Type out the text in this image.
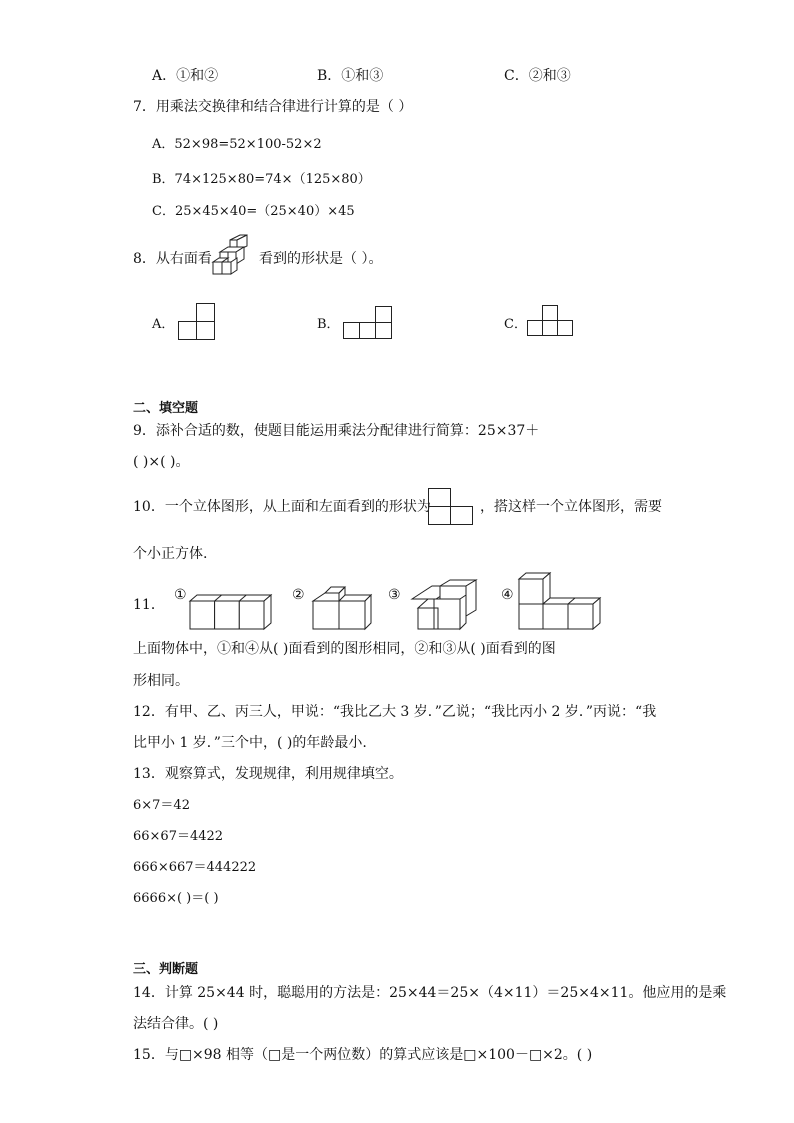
A．①和②	B．①和③	C．②和③
7．用乘法交换律和结合律进行计算的是（ ）
A．52×98=52×100-52×2
B．74×125×80=74×（125×80）
C．25×45×40=（25×40）×45
8．从右面看	看到的形状是（ ）。
A．	B．	C．
二、填空题
9．添补合适的数，使题目能运用乘法分配律进行简算：25×37＋
( )×( )。
10．一个立体图形，从上面和左面看到的形状为	，搭这样一个立体图形，需要
个小正方体.
11．
①	②	③	④
上面物体中，①和④从( )面看到的图形相同，②和③从( )面看到的图
形相同。
12．有甲、乙、丙三人，甲说：“我比乙大 3 岁．”乙说；“我比丙小 2 岁．”丙说：“我
比甲小 1 岁．”三个中，( )的年龄最小.
13．观察算式，发现规律，利用规律填空。
6×7＝42
66×67＝4422
666×667＝444222
6666×( )＝( )
三、判断题
14．计算 25×44 时，聪聪用的方法是：25×44＝25×（4×11）＝25×4×11。他应用的是乘
法结合律。( )
15．与□×98 相等（□是一个两位数）的算式应该是□×100－□×2。( )
